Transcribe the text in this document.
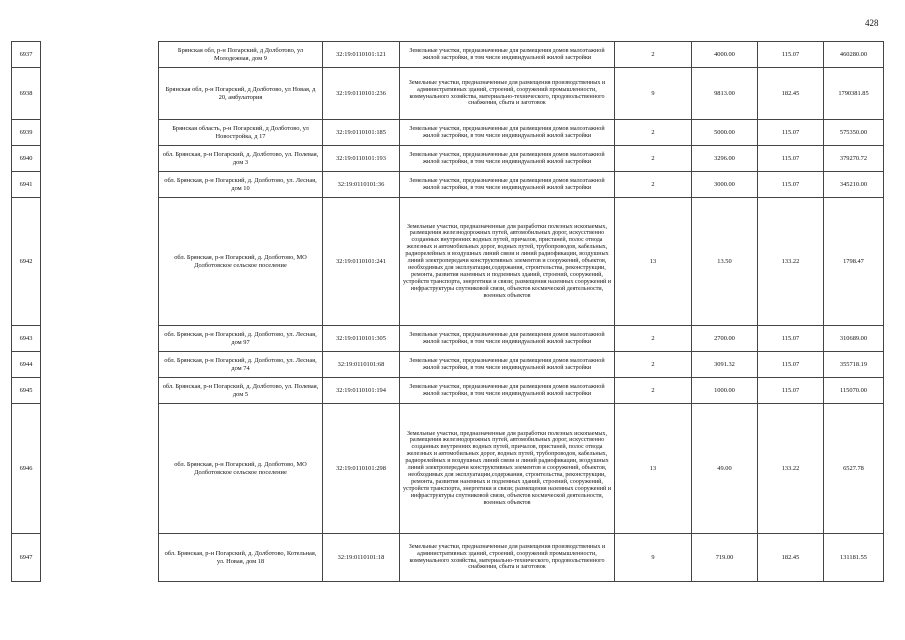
428
6937		Брянская обл, р-н Погарский, д Долботово, ул Молодежная, дом 9	32:19:0110101:121	Земельные участки, предназначенные для размещения домов малоэтажной жилой застройки, в том числе индивидуальной жилой застройки	2	4000.00	115.07	460280.00
6938		Брянская обл, р-н Погарский, д Долботово, ул Новая, д 20, амбулатория	32:19:0110101:236	Земельные участки, предназначенные для размещения производственных и административных зданий, строений, сооружений промышленности, коммунального хозяйства, материально-технического, продовольственного снабжения, сбыта и заготовок	9	9813.00	182.45	1790381.85
6939		Брянская область, р-н Погарский, д Долботово, ул Новостройка, д 17	32:19:0110101:185	Земельные участки, предназначенные для размещения домов малоэтажной жилой застройки, в том числе индивидуальной жилой застройки	2	5000.00	115.07	575350.00
6940		обл. Брянская, р-н Погарский, д. Долботово, ул. Полевая, дом 3	32:19:0110101:193	Земельные участки, предназначенные для размещения домов малоэтажной жилой застройки, в том числе индивидуальной жилой застройки	2	3296.00	115.07	379270.72
6941		обл. Брянская, р-н Погарский, д. Долботово, ул. Лесная, дом 10	32:19:0110101:36	Земельные участки, предназначенные для размещения домов малоэтажной жилой застройки, в том числе индивидуальной жилой застройки	2	3000.00	115.07	345210.00
6942		обл. Брянская, р-н Погарский, д. Долботово, МО Долботовское сельское поселение	32:19:0110101:241	Земельные участки, предназначенные для разработки полезных ископаемых, размещения железнодорожных путей, автомобильных дорог, искусственно созданных внутренних водных путей, причалов, пристаней, полос отвода железных и автомобильных дорог, водных путей, трубопроводов, кабельных, радиорелейных и воздушных линий связи и линий радиофикации, воздушных линий электропередачи конструктивных элементов и сооружений, объектов, необходимых для эксплуатации,содержания, строительства, реконструкции, ремонта, развития наземных и подземных зданий, строений, сооружений, устройств транспорта, энергетики и связи; размещения наземных сооружений и инфраструктуры спутниковой связи, объектов космической деятельности, военных объектов	13	13.50	133.22	1798.47
6943		обл. Брянская, р-н Погарский, д. Долботово, ул. Лесная, дом 97	32:19:0110101:305	Земельные участки, предназначенные для размещения домов малоэтажной жилой застройки, в том числе индивидуальной жилой застройки	2	2700.00	115.07	310689.00
6944		обл. Брянская, р-н Погарский, д. Долботово, ул. Лесная, дом 74	32:19:0110101:68	Земельные участки, предназначенные для размещения домов малоэтажной жилой застройки, в том числе индивидуальной жилой застройки	2	3091.32	115.07	355718.19
6945		обл. Брянская, р-н Погарский, д. Долботово, ул. Полевая, дом 5	32:19:0110101:194	Земельные участки, предназначенные для размещения домов малоэтажной жилой застройки, в том числе индивидуальной жилой застройки	2	1000.00	115.07	115070.00
6946		обл. Брянская, р-н Погарский, д. Долботово, МО Долботовское сельское поселение	32:19:0110101:298	Земельные участки, предназначенные для разработки полезных ископаемых, размещения железнодорожных путей, автомобильных дорог, искусственно созданных внутренних водных путей, причалов, пристаней, полос отвода железных и автомобильных дорог, водных путей, трубопроводов, кабельных, радиорелейных и воздушных линий связи и линий радиофикации, воздушных линий электропередачи конструктивных элементов и сооружений, объектов, необходимых для эксплуатации,содержания, строительства, реконструкции, ремонта, развития наземных и подземных зданий, строений, сооружений, устройств транспорта, энергетики и связи; размещения наземных сооружений и инфраструктуры спутниковой связи, объектов космической деятельности, военных объектов	13	49.00	133.22	6527.78
6947		обл. Брянская, р-н Погарский, д. Долботово, Котельная, ул. Новая, дом 18	32:19:0110101:18	Земельные участки, предназначенные для размещения производственных и административных зданий, строений, сооружений промышленности, коммунального хозяйства, материально-технического, продовольственного снабжения, сбыта и заготовок	9	719.00	182.45	131181.55
